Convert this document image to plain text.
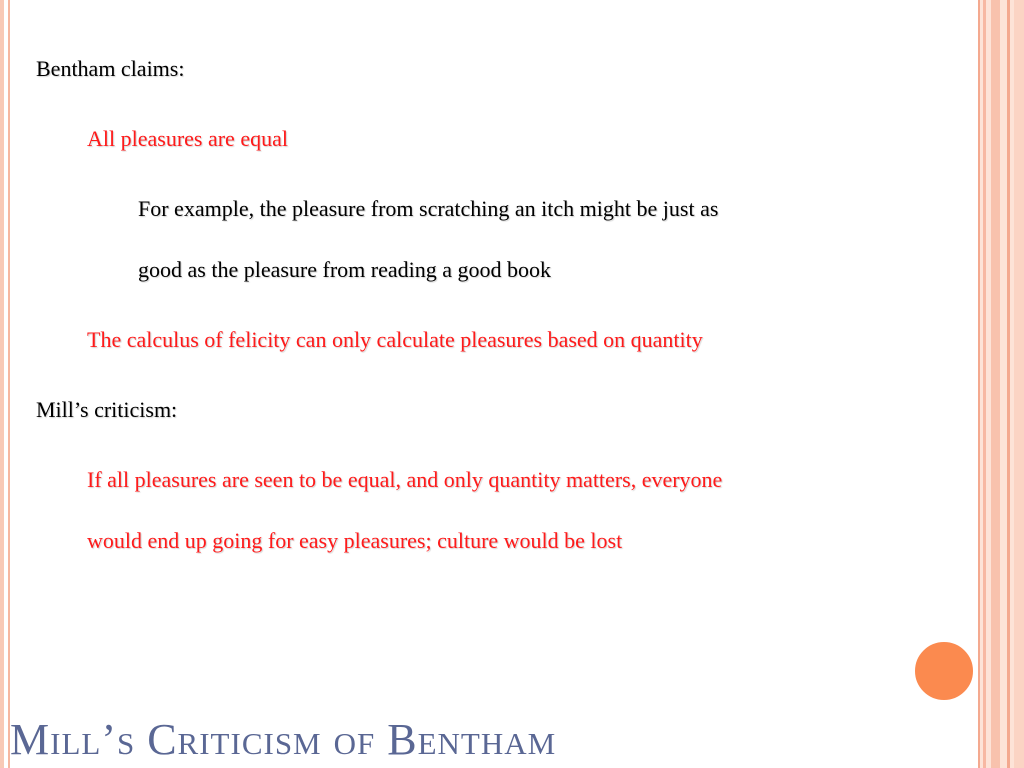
Bentham claims:
All pleasures are equal
For example, the pleasure from scratching an itch might be just as
good as the pleasure from reading a good book
The calculus of felicity can only calculate pleasures based on quantity
Mill’s criticism:
If all pleasures are seen to be equal, and only quantity matters, everyone
would end up going for easy pleasures; culture would be lost
Mill’s Criticism of Bentham
